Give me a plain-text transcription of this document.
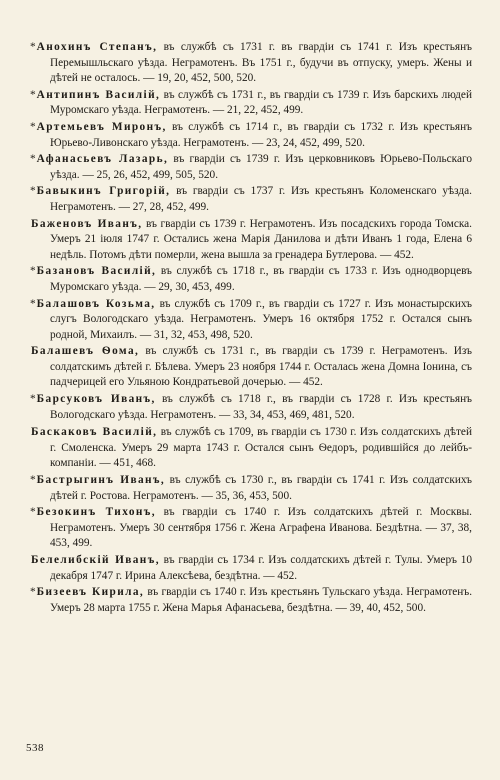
*Анохинъ Степанъ, въ службѣ съ 1731 г. въ гвардіи съ 1741 г. Изъ крестьянъ Перемышльскаго уѣзда. Неграмотенъ. Въ 1751 г., будучи въ отпуску, умеръ. Жены и дѣтей не осталось. — 19, 20, 452, 500, 520.

*Антипинъ Василій, въ службѣ съ 1731 г., въ гвардіи съ 1739 г. Изъ барскихъ людей Муромскаго уѣзда. Неграмотенъ. — 21, 22, 452, 499.

*Артемьевъ Миронъ, въ службѣ съ 1714 г., въ гвардіи съ 1732 г. Изъ крестьянъ Юрьево-Ливонскаго уѣзда. Неграмотенъ. — 23, 24, 452, 499, 520.

*Афанасьевъ Лазарь, въ гвардіи съ 1739 г. Изъ церковниковъ Юрьево-Польскаго уѣзда. — 25, 26, 452, 499, 505, 520.

*Бавыкинъ Григорій, въ гвардіи съ 1737 г. Изъ крестьянъ Коломенскаго уѣзда. Неграмотенъ. — 27, 28, 452, 499.

Баженовъ Иванъ, въ гвардіи съ 1739 г. Неграмотенъ. Изъ посадскихъ города Томска. Умеръ 21 іюля 1747 г. Остались жена Марія Данилова и дѣти Иванъ 1 года, Елена 6 недѣль. Потомъ дѣти померли, жена вышла за гренадера Бутлерова. — 452.

*Базановъ Василій, въ службѣ съ 1718 г., въ гвардіи съ 1733 г. Изъ однодворцевъ Муромскаго уѣзда. — 29, 30, 453, 499.

*Балашовъ Козьма, въ службѣ съ 1709 г., въ гвардіи съ 1727 г. Изъ монастырскихъ слугъ Вологодскаго уѣзда. Неграмотенъ. Умеръ 16 октября 1752 г. Остался сынъ родной, Михаилъ. — 31, 32, 453, 498, 520.

Балашевъ Ѳома, въ службѣ съ 1731 г., въ гвардіи съ 1739 г. Неграмотенъ. Изъ солдатскимъ дѣтей г. Бѣлева. Умеръ 23 ноября 1744 г. Осталась жена Домна Іонина, съ падчерицей его Ульяною Кондратьевой дочерью. — 452.

*Барсуковъ Иванъ, въ службѣ съ 1718 г., въ гвардіи съ 1728 г. Изъ крестьянъ Вологодскаго уѣзда. Неграмотенъ. — 33, 34, 453, 469, 481, 520.

Баскаковъ Василій, въ службѣ съ 1709, въ гвардіи съ 1730 г. Изъ солдатскихъ дѣтей г. Смоленска. Умеръ 29 марта 1743 г. Остался сынъ Ѳедоръ, родившійся до лейбъ-компаніи. — 451, 468.

*Бастрыгинъ Иванъ, въ службѣ съ 1730 г., въ гвардіи съ 1741 г. Изъ солдатскихъ дѣтей г. Ростова. Неграмотенъ. — 35, 36, 453, 500.

*Безокинъ Тихонъ, въ гвардіи съ 1740 г. Изъ солдатскихъ дѣтей г. Москвы. Неграмотенъ. Умеръ 30 сентября 1756 г. Жена Аграфена Иванова. Бездѣтна. — 37, 38, 453, 499.

Белелибскій Иванъ, въ гвардіи съ 1734 г. Изъ солдатскихъ дѣтей г. Тулы. Умеръ 10 декабря 1747 г. Ирина Алексѣева, бездѣтна. — 452.

*Бизеевъ Кирила, въ гвардіи съ 1740 г. Изъ крестьянъ Тульскаго уѣзда. Неграмотенъ. Умеръ 28 марта 1755 г. Жена Марья Афанасьева, бездѣтна. — 39, 40, 452, 500.

538
